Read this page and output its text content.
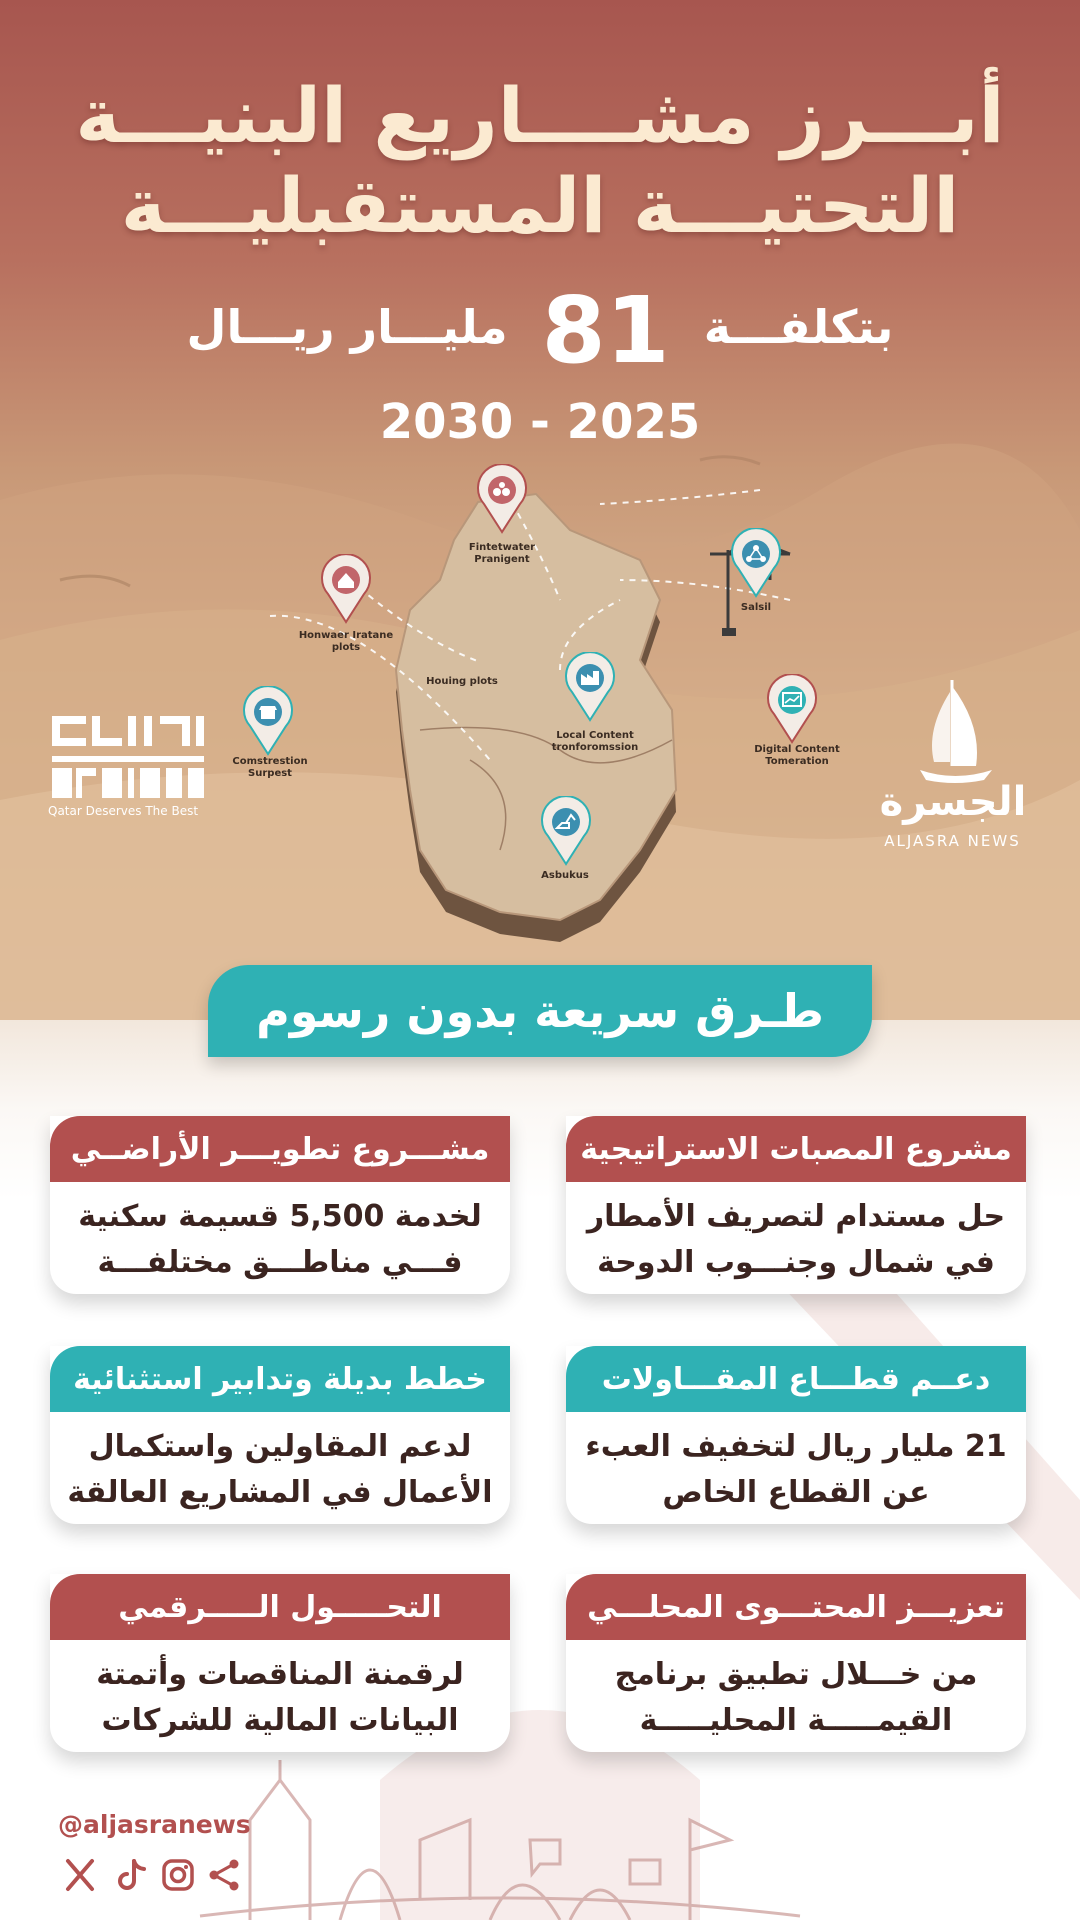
أبـــرز مشــــاريع البنيـــة
التحتيـــة المستقبليـــة
بتكلفـــة 81 مليـــار ريـــال
2030 - 2025
Fintetwater
Pranigent
Honwaer Iratane
plots
Salsil
Local Content
tronforomssion
Comstrestion
Surpest
Digital Content
Tomeration
Asbukus
Houing plots
Qatar Deserves The Best	الجسرة
ALJASRA NEWS
طـرق سريعة بدون رسوم
مشروع المصبات الاستراتيجية
حل مستدام لتصريف الأمطار
في شمال وجنـــوب الدوحة
مشـــروع تطويـــر الأراضــي
لخدمة 5,500 قسيمة سكنية
فـــي مناطـــق مختلفـــة
دعــم قطـــاع المقـــاولات
21 مليار ريال لتخفيف العبء
عن القطاع الخاص
خطط بديلة وتدابير استثنائية
لدعم المقاولين واستكمال
الأعمال في المشاريع العالقة
تعزيـــز المحتـــوى المحلـــي
من خـــلال تطبيق برنامج
القيمـــــة المحليـــــة
التحـــــول الـــــرقمي
لرقمنة المناقصات وأتمتة
البيانات المالية للشركات
@aljasranews
